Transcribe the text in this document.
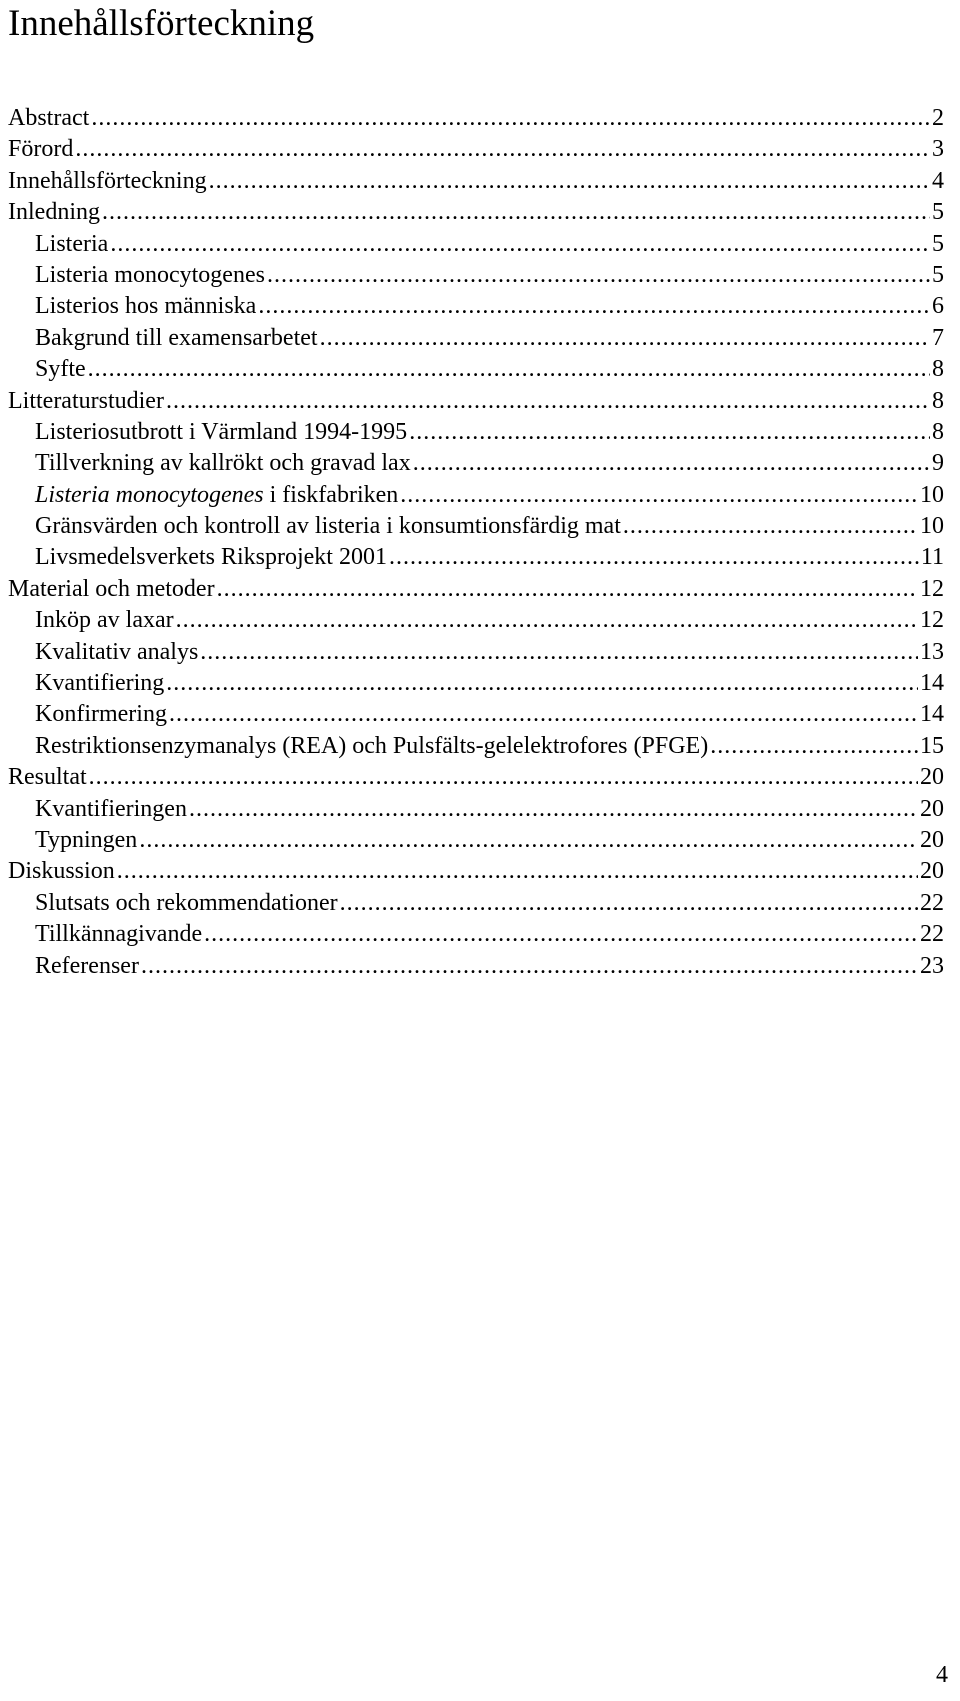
Innehållsförteckning
Abstract .....	2
Förord .....	3
Innehållsförteckning .....	4
Inledning .....	5
Listeria .....	5
Listeria monocytogenes .....	5
Listerios hos människa .....	6
Bakgrund till examensarbetet .....	7
Syfte .....	8
Litteraturstudier .....	8
Listeriosutbrott i Värmland 1994-1995 .....	8
Tillverkning av kallrökt och gravad lax .....	9
Listeria monocytogenes i fiskfabriken .....	10
Gränsvärden och kontroll av listeria i konsumtionsfärdig mat .....	10
Livsmedelsverkets Riksprojekt 2001 .....	11
Material och metoder .....	12
Inköp av laxar .....	12
Kvalitativ analys .....	13
Kvantifiering .....	14
Konfirmering .....	14
Restriktionsenzymanalys (REA) och Pulsfälts-gelelektrofores (PFGE) .....	15
Resultat .....	20
Kvantifieringen .....	20
Typningen .....	20
Diskussion .....	20
Slutsats och rekommendationer .....	22
Tillkännagivande .....	22
Referenser .....	23
4
